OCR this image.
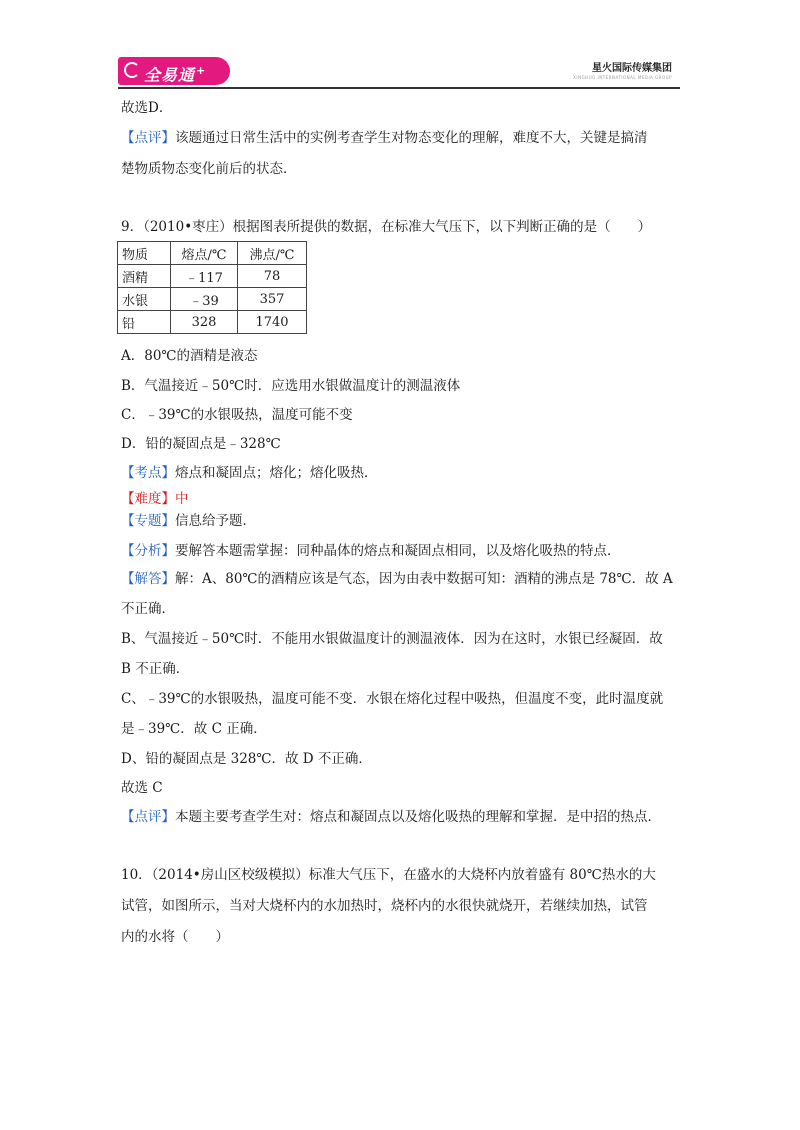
全易通+	星火国际传媒集团
XINGHUO INTERNATIONAL MEDIA GROUP
故选D．
【点评】该题通过日常生活中的实例考查学生对物态变化的理解，难度不大，关键是搞清
楚物质物态变化前后的状态．
9．（2010•枣庄）根据图表所提供的数据，在标准大气压下，以下判断正确的是（　　）
物质	熔点/℃	沸点/℃
酒精	﹣117	78
水银	﹣39	357
铅	328	1740
A．80℃的酒精是液态
B．气温接近﹣50℃时．应选用水银做温度计的测温液体
C．﹣39℃的水银吸热，温度可能不变
D．铅的凝固点是﹣328℃
【考点】熔点和凝固点；熔化；熔化吸热．
【难度】中
【专题】信息给予题．
【分析】要解答本题需掌握：同种晶体的熔点和凝固点相同，以及熔化吸热的特点．
【解答】解：A、80℃的酒精应该是气态，因为由表中数据可知：酒精的沸点是 78℃．故 A
不正确．
B、气温接近﹣50℃时．不能用水银做温度计的测温液体．因为在这时，水银已经凝固．故
B 不正确．
C、﹣39℃的水银吸热，温度可能不变．水银在熔化过程中吸热，但温度不变，此时温度就
是﹣39℃．故 C 正确．
D、铅的凝固点是 328℃．故 D 不正确．
故选 C
【点评】本题主要考查学生对：熔点和凝固点以及熔化吸热的理解和掌握．是中招的热点．
10．（2014•房山区校级模拟）标准大气压下，在盛水的大烧杯内放着盛有 80℃热水的大
试管，如图所示，当对大烧杯内的水加热时，烧杯内的水很快就烧开，若继续加热，试管
内的水将（　　）
